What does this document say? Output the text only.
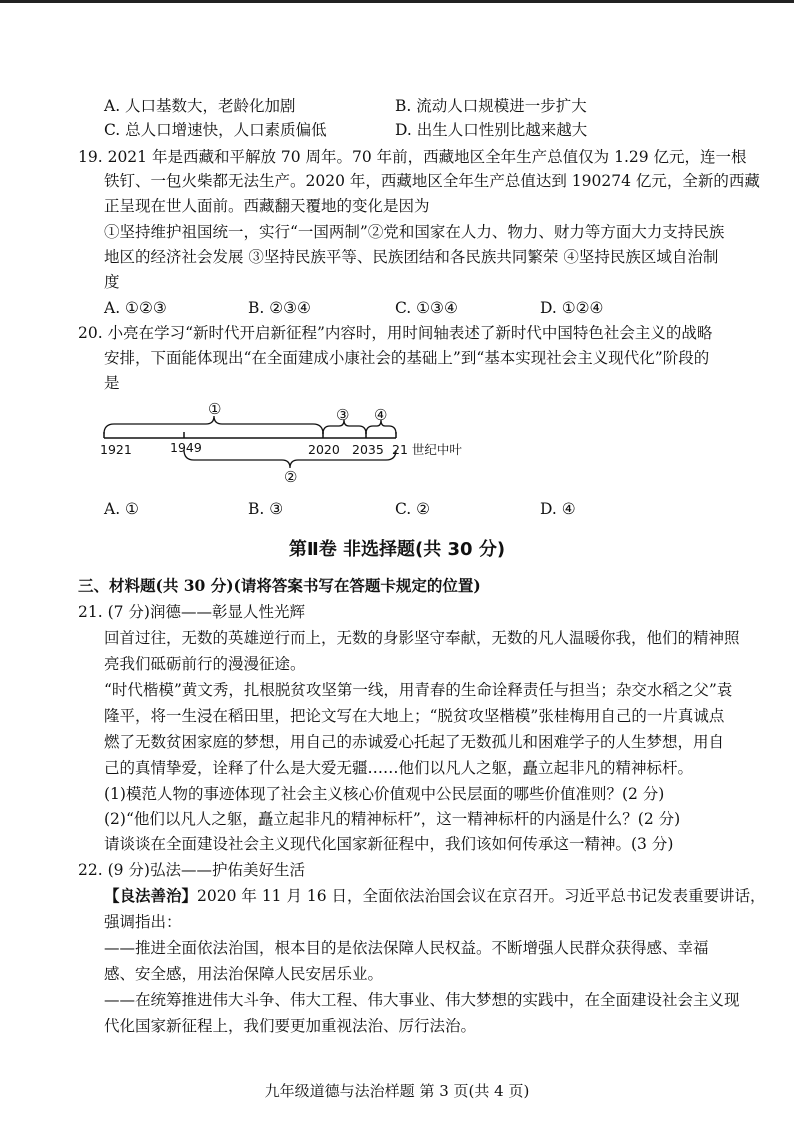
A. 人口基数大，老龄化加剧	B. 流动人口规模进一步扩大
C. 总人口增速快，人口素质偏低	D. 出生人口性别比越来越大
19. 2021 年是西藏和平解放 70 周年。70 年前，西藏地区全年生产总值仅为 1.29 亿元，连一根
铁钉、一包火柴都无法生产。2020 年，西藏地区全年生产总值达到 190274 亿元，全新的西藏
正呈现在世人面前。西藏翻天覆地的变化是因为
①坚持维护祖国统一，实行“一国两制”②党和国家在人力、物力、财力等方面大力支持民族
地区的经济社会发展 ③坚持民族平等、民族团结和各民族共同繁荣 ④坚持民族区域自治制
度
A. ①②③	B. ②③④	C. ①③④	D. ①②④
20. 小亮在学习“新时代开启新征程”内容时，用时间轴表述了新时代中国特色社会主义的战略
安排，下面能体现出“在全面建成小康社会的基础上”到“基本实现社会主义现代化”阶段的
是
①	③ ④
②
1921	1949	2020 2035 21 世纪中叶
A. ①	B. ③	C. ②	D. ④
第Ⅱ卷 非选择题(共 30 分)
三、材料题(共 30 分)(请将答案书写在答题卡规定的位置)
21. (7 分)润德——彰显人性光辉
回首过往，无数的英雄逆行而上，无数的身影坚守奉献，无数的凡人温暖你我，他们的精神照
亮我们砥砺前行的漫漫征途。
“时代楷模”黄文秀，扎根脱贫攻坚第一线，用青春的生命诠释责任与担当；杂交水稻之父”袁
隆平，将一生浸在稻田里，把论文写在大地上；“脱贫攻坚楷模”张桂梅用自己的一片真诚点
燃了无数贫困家庭的梦想，用自己的赤诚爱心托起了无数孤儿和困难学子的人生梦想，用自
己的真情挚爱，诠释了什么是大爱无疆……他们以凡人之躯，矗立起非凡的精神标杆。
(1)模范人物的事迹体现了社会主义核心价值观中公民层面的哪些价值准则？(2 分)
(2)“他们以凡人之躯，矗立起非凡的精神标杆”，这一精神标杆的内涵是什么？(2 分)
请谈谈在全面建设社会主义现代化国家新征程中，我们该如何传承这一精神。(3 分)
22. (9 分)弘法——护佑美好生活
【良法善治】2020 年 11 月 16 日，全面依法治国会议在京召开。习近平总书记发表重要讲话，
强调指出：
——推进全面依法治国，根本目的是依法保障人民权益。不断增强人民群众获得感、幸福
感、安全感，用法治保障人民安居乐业。
——在统筹推进伟大斗争、伟大工程、伟大事业、伟大梦想的实践中，在全面建设社会主义现
代化国家新征程上，我们要更加重视法治、厉行法治。
九年级道德与法治样题 第 3 页(共 4 页)
